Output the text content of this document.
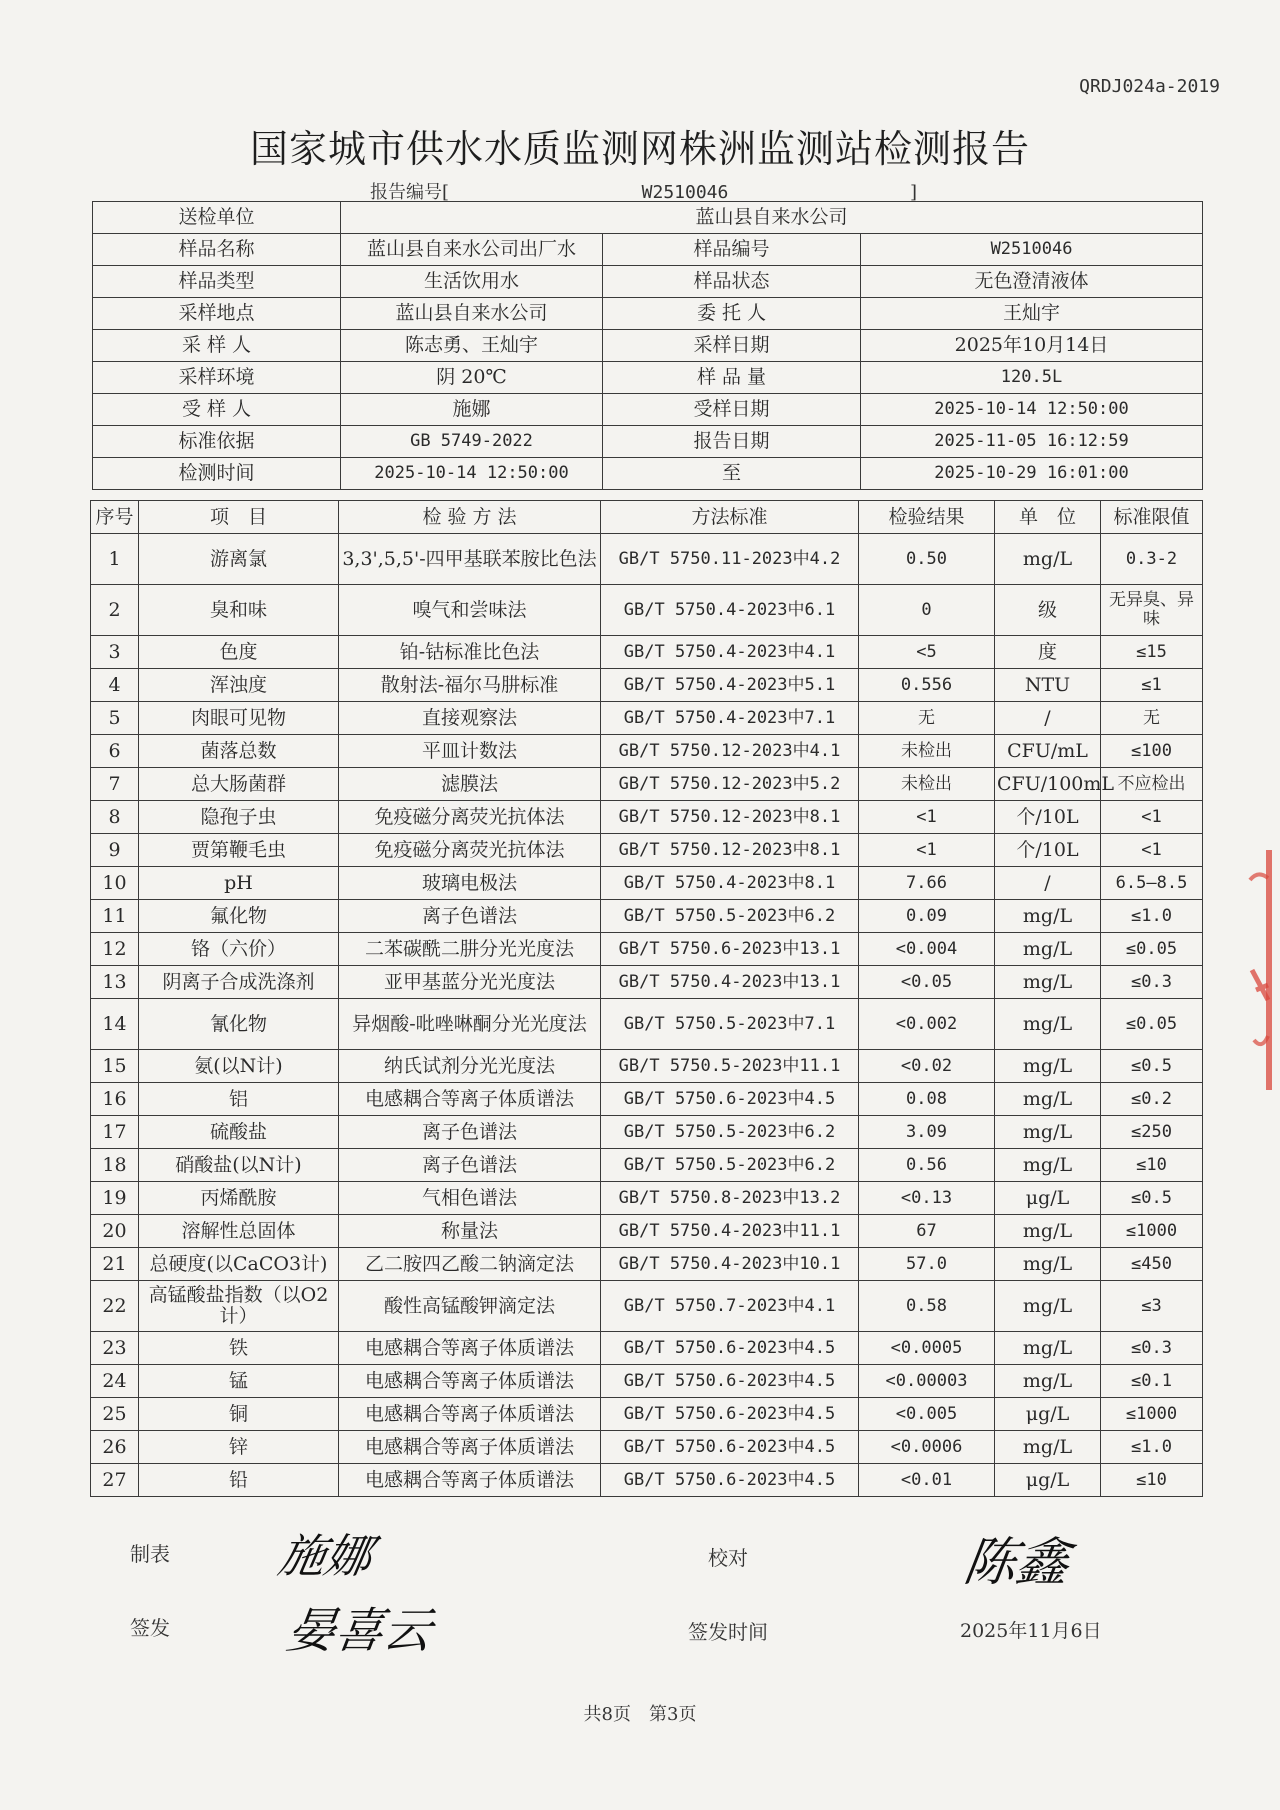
QRDJ024a-2019
国家城市供水水质监测网株洲监测站检测报告
报告编号[	W2510046	]
送检单位	蓝山县自来水公司		
样品名称	蓝山县自来水公司出厂水	样品编号	W2510046
样品类型	生活饮用水	样品状态	无色澄清液体
采样地点	蓝山县自来水公司	委 托 人	王灿宇
采 样 人	陈志勇、王灿宇	采样日期	2025年10月14日
采样环境	阴 20℃	样 品 量	120.5L
受 样 人	施娜	受样日期	2025-10-14 12:50:00
标准依据	GB 5749-2022	报告日期	2025-11-05 16:12:59
检测时间	2025-10-14 12:50:00	至	2025-10-29 16:01:00
序号	项　目	检 验 方 法	方法标准	检验结果	单　位	标准限值
1	游离氯	3,3',5,5'-四甲基联苯胺比色法	GB/T 5750.11-2023中4.2	0.50	mg/L	0.3-2
2	臭和味	嗅气和尝味法	GB/T 5750.4-2023中6.1	0	级	无异臭、异味
3	色度	铂-钴标准比色法	GB/T 5750.4-2023中4.1	<5	度	≤15
4	浑浊度	散射法-福尔马肼标准	GB/T 5750.4-2023中5.1	0.556	NTU	≤1
5	肉眼可见物	直接观察法	GB/T 5750.4-2023中7.1	无	/	无
6	菌落总数	平皿计数法	GB/T 5750.12-2023中4.1	未检出	CFU/mL	≤100
7	总大肠菌群	滤膜法	GB/T 5750.12-2023中5.2	未检出	CFU/100mL	不应检出
8	隐孢子虫	免疫磁分离荧光抗体法	GB/T 5750.12-2023中8.1	<1	个/10L	<1
9	贾第鞭毛虫	免疫磁分离荧光抗体法	GB/T 5750.12-2023中8.1	<1	个/10L	<1
10	pH	玻璃电极法	GB/T 5750.4-2023中8.1	7.66	/	6.5—8.5
11	氟化物	离子色谱法	GB/T 5750.5-2023中6.2	0.09	mg/L	≤1.0
12	铬（六价）	二苯碳酰二肼分光光度法	GB/T 5750.6-2023中13.1	<0.004	mg/L	≤0.05
13	阴离子合成洗涤剂	亚甲基蓝分光光度法	GB/T 5750.4-2023中13.1	<0.05	mg/L	≤0.3
14	氰化物	异烟酸-吡唑啉酮分光光度法	GB/T 5750.5-2023中7.1	<0.002	mg/L	≤0.05
15	氨(以N计)	纳氏试剂分光光度法	GB/T 5750.5-2023中11.1	<0.02	mg/L	≤0.5
16	铝	电感耦合等离子体质谱法	GB/T 5750.6-2023中4.5	0.08	mg/L	≤0.2
17	硫酸盐	离子色谱法	GB/T 5750.5-2023中6.2	3.09	mg/L	≤250
18	硝酸盐(以N计)	离子色谱法	GB/T 5750.5-2023中6.2	0.56	mg/L	≤10
19	丙烯酰胺	气相色谱法	GB/T 5750.8-2023中13.2	<0.13	μg/L	≤0.5
20	溶解性总固体	称量法	GB/T 5750.4-2023中11.1	67	mg/L	≤1000
21	总硬度(以CaCO3计)	乙二胺四乙酸二钠滴定法	GB/T 5750.4-2023中10.1	57.0	mg/L	≤450
22	高锰酸盐指数（以O2计）	酸性高锰酸钾滴定法	GB/T 5750.7-2023中4.1	0.58	mg/L	≤3
23	铁	电感耦合等离子体质谱法	GB/T 5750.6-2023中4.5	<0.0005	mg/L	≤0.3
24	锰	电感耦合等离子体质谱法	GB/T 5750.6-2023中4.5	<0.00003	mg/L	≤0.1
25	铜	电感耦合等离子体质谱法	GB/T 5750.6-2023中4.5	<0.005	μg/L	≤1000
26	锌	电感耦合等离子体质谱法	GB/T 5750.6-2023中4.5	<0.0006	mg/L	≤1.0
27	铅	电感耦合等离子体质谱法	GB/T 5750.6-2023中4.5	<0.01	μg/L	≤10
制表 施娜	校对	陈鑫
签发 晏喜云	签发时间	2025年11月6日
共8页　第3页
